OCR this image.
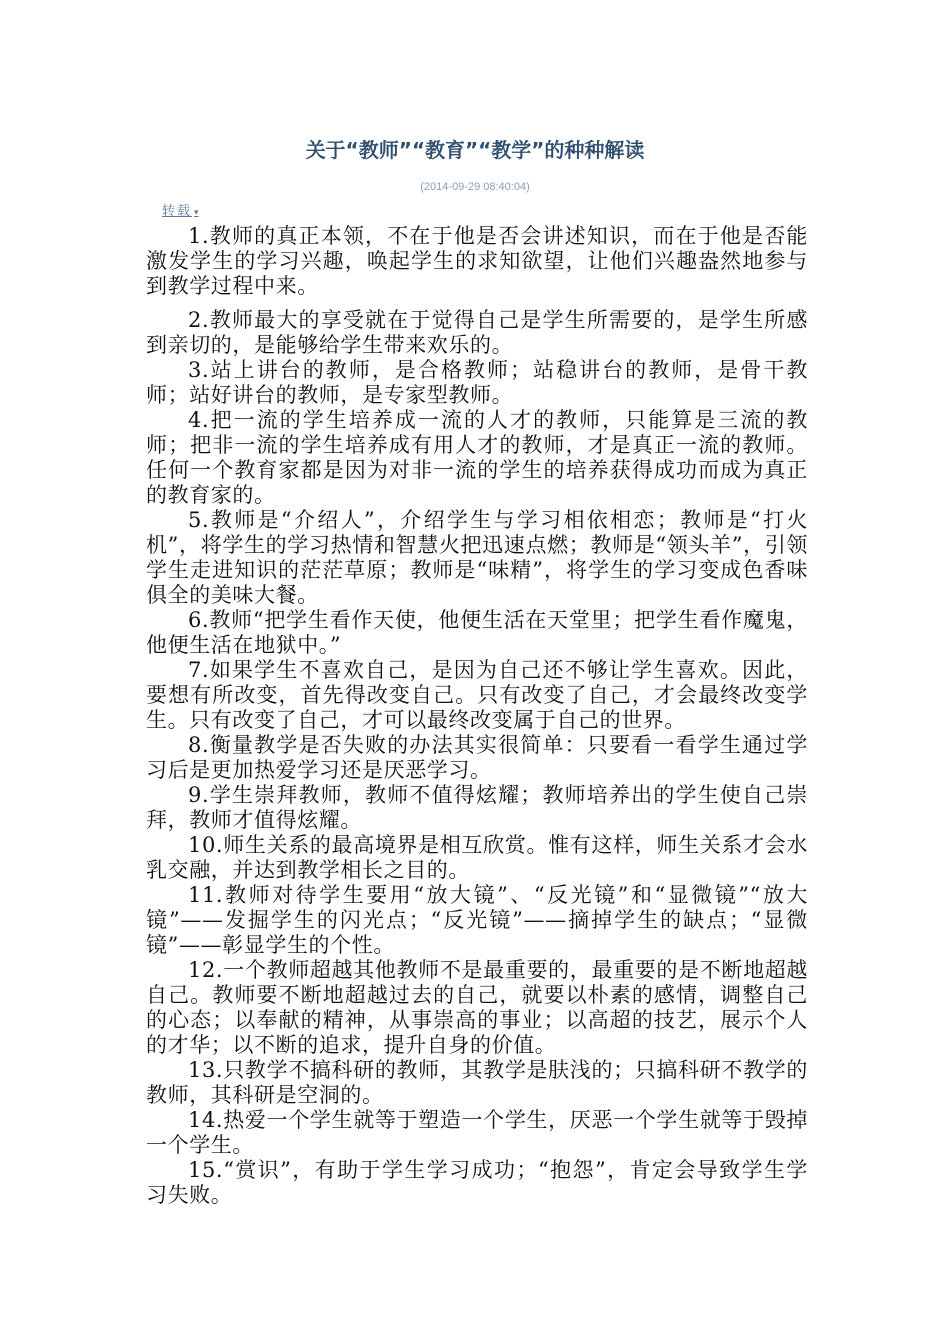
关于“教师”“教育”“教学”的种种解读
(2014-09-29 08:40:04)
转载 ▾

1.教师的真正本领，不在于他是否会讲述知识，而在于他是否能激发学生的学习兴趣，唤起学生的求知欲望，让他们兴趣盎然地参与到教学过程中来。

2.教师最大的享受就在于觉得自己是学生所需要的，是学生所感到亲切的，是能够给学生带来欢乐的。

3.站上讲台的教师，是合格教师；站稳讲台的教师，是骨干教师；站好讲台的教师，是专家型教师。

4.把一流的学生培养成一流的人才的教师，只能算是三流的教师；把非一流的学生培养成有用人才的教师，才是真正一流的教师。任何一个教育家都是因为对非一流的学生的培养获得成功而成为真正的教育家的。

5.教师是“介绍人”，介绍学生与学习相依相恋；教师是“打火机”，将学生的学习热情和智慧火把迅速点燃；教师是“领头羊”，引领学生走进知识的茫茫草原；教师是“味精”，将学生的学习变成色香味俱全的美味大餐。

6.教师“把学生看作天使，他便生活在天堂里；把学生看作魔鬼，他便生活在地狱中。”

7.如果学生不喜欢自己，是因为自己还不够让学生喜欢。因此，要想有所改变，首先得改变自己。只有改变了自己，才会最终改变学生。只有改变了自己，才可以最终改变属于自己的世界。

8.衡量教学是否失败的办法其实很简单：只要看一看学生通过学习后是更加热爱学习还是厌恶学习。

9.学生崇拜教师，教师不值得炫耀；教师培养出的学生使自己崇拜，教师才值得炫耀。

10.师生关系的最高境界是相互欣赏。惟有这样，师生关系才会水乳交融，并达到教学相长之目的。

11.教师对待学生要用“放大镜”、“反光镜”和“显微镜”“放大镜”——发掘学生的闪光点；“反光镜”——摘掉学生的缺点；“显微镜”——彰显学生的个性。

12.一个教师超越其他教师不是最重要的，最重要的是不断地超越自己。教师要不断地超越过去的自己，就要以朴素的感情，调整自己的心态；以奉献的精神，从事崇高的事业；以高超的技艺，展示个人的才华；以不断的追求，提升自身的价值。

13.只教学不搞科研的教师，其教学是肤浅的；只搞科研不教学的教师，其科研是空洞的。

14.热爱一个学生就等于塑造一个学生，厌恶一个学生就等于毁掉一个学生。

15.“赏识”，有助于学生学习成功；“抱怨”，肯定会导致学生学习失败。
